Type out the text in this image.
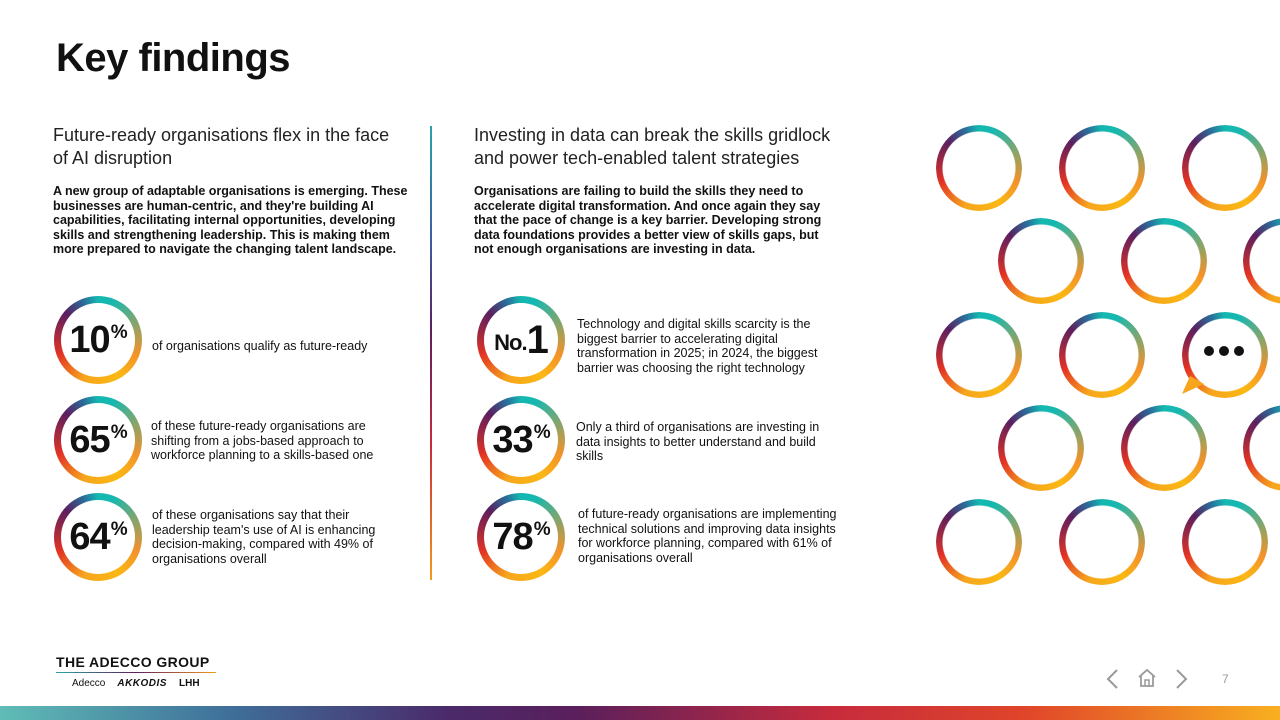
Key findings
Future-ready organisations flex in the face of AI disruption

A new group of adaptable organisations is emerging. These businesses are human-centric, and they're building AI capabilities, facilitating internal opportunities, developing skills and strengthening leadership. This is making them more prepared to navigate the changing talent landscape.

10 %
of organisations qualify as future-ready
65 % of these future-ready organisations are shifting from a jobs-based approach to workforce planning to a skills-based one
64 %
of these organisations say that their leadership team's use of AI is enhancing decision-making, compared with 49% of organisations overall
Investing in data can break the skills gridlock and power tech-enabled talent strategies

Organisations are failing to build the skills they need to accelerate digital transformation. And once again they say that the pace of change is a key barrier. Developing strong data foundations provides a better view of skills gaps, but not enough organisations are investing in data.

No. 1 Technology and digital skills scarcity is the biggest barrier to accelerating digital transformation in 2025; in 2024, the biggest barrier was choosing the right technology
33 % Only a third of organisations are investing in data insights to better understand and build skills
78 %
of future-ready organisations are implementing technical solutions and improving data insights for workforce planning, compared with 61% of organisations overall
THE ADECCO GROUP
Adecco AKKODIS LHH	7
